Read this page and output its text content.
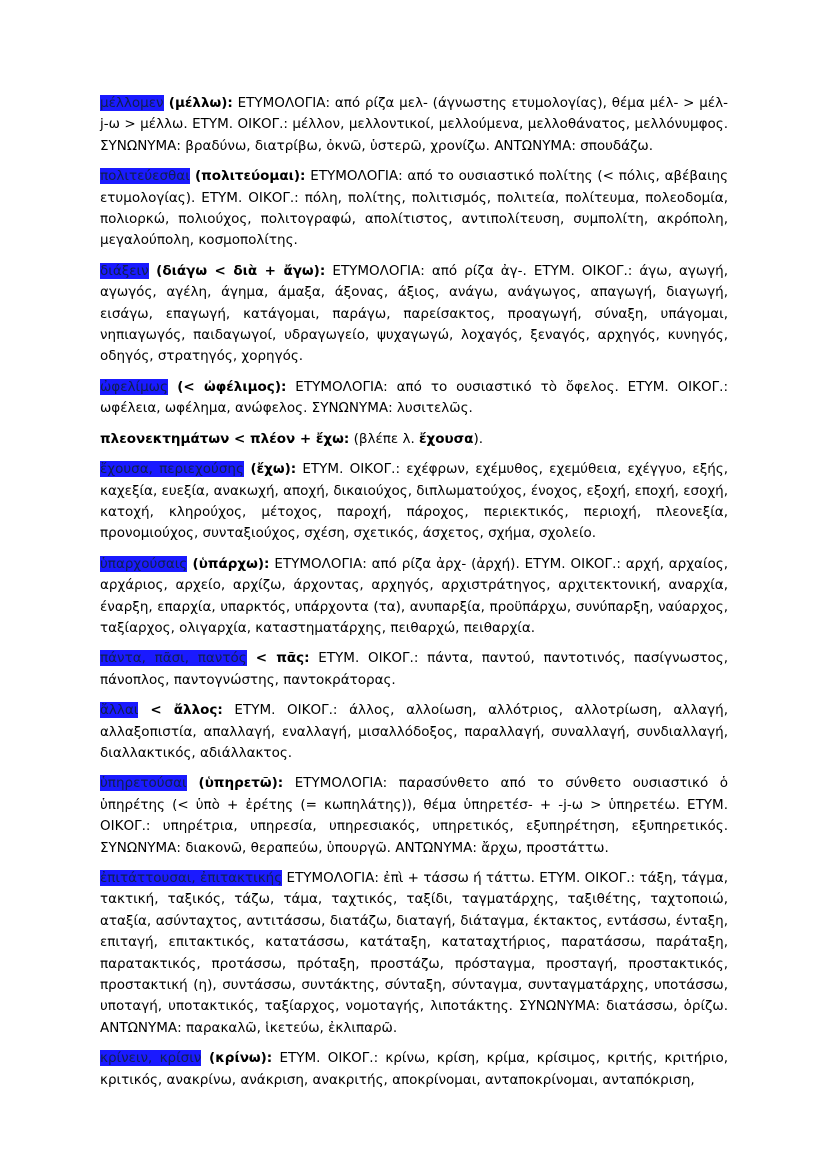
μέλλομεν (μέλλω): ΕΤΥΜΟΛΟΓΙΑ: από ρίζα μελ- (άγνωστης ετυμολογίας), θέμα μέλ- > μέλ-j-ω > μέλλω. ΕΤΥΜ. ΟΙΚΟΓ.: μέλλον, μελλοντικοί, μελλούμενα, μελλοθάνατος, μελλόνυμφος. ΣΥΝΩΝΥΜΑ: βραδύνω, διατρίβω, ὀκνῶ, ὑστερῶ, χρονίζω. ΑΝΤΩΝΥΜΑ: σπουδάζω.

πολιτεύεσθαι (πολιτεύομαι): ΕΤΥΜΟΛΟΓΙΑ: από το ουσιαστικό πολίτης (< πόλις, αβέβαιης ετυμολογίας). ΕΤΥΜ. ΟΙΚΟΓ.: πόλη, πολίτης, πολιτισμός, πολιτεία, πολίτευμα, πολεοδομία, πολιορκώ, πολιούχος, πολιτογραφώ, απολίτιστος, αντιπολίτευση, συμπολίτη, ακρόπολη, μεγαλούπολη, κοσμοπολίτης.

διάξειν (διάγω < διὰ + ἄγω): ΕΤΥΜΟΛΟΓΙΑ: από ρίζα ἀγ-. ΕΤΥΜ. ΟΙΚΟΓ.: άγω, αγωγή, αγωγός, αγέλη, άγημα, άμαξα, άξονας, άξιος, ανάγω, ανάγωγος, απαγωγή, διαγωγή, εισάγω, επαγωγή, κατάγομαι, παράγω, παρείσακτος, προαγωγή, σύναξη, υπάγομαι, νηπιαγωγός, παιδαγωγοί, υδραγωγείο, ψυχαγωγώ, λοχαγός, ξεναγός, αρχηγός, κυνηγός, οδηγός, στρατηγός, χορηγός.

ὠφελίμως (< ὠφέλιμος): ΕΤΥΜΟΛΟΓΙΑ: από το ουσιαστικό τὸ ὄφελος. ΕΤΥΜ. ΟΙΚΟΓ.: ωφέλεια, ωφέλημα, ανώφελος. ΣΥΝΩΝΥΜΑ: λυσιτελῶς.

πλεονεκτημάτων < πλέον + ἔχω: (βλέπε λ. ἔχουσα).

ἔχουσα, περιεχούσης (ἔχω): ΕΤΥΜ. ΟΙΚΟΓ.: εχέφρων, εχέμυθος, εχεμύθεια, εχέγγυο, εξής, καχεξία, ευεξία, ανακωχή, αποχή, δικαιούχος, διπλωματούχος, ένοχος, εξοχή, εποχή, εσοχή, κατοχή, κληρούχος, μέτοχος, παροχή, πάροχος, περιεκτικός, περιοχή, πλεονεξία, προνομιούχος, συνταξιούχος, σχέση, σχετικός, άσχετος, σχήμα, σχολείο.

ὑπαρχούσαις (ὑπάρχω): ΕΤΥΜΟΛΟΓΙΑ: από ρίζα ἀρχ- (ἀρχή). ΕΤΥΜ. ΟΙΚΟΓ.: αρχή, αρχαίος, αρχάριος, αρχείο, αρχίζω, άρχοντας, αρχηγός, αρχιστράτηγος, αρχιτεκτονική, αναρχία, έναρξη, επαρχία, υπαρκτός, υπάρχοντα (τα), ανυπαρξία, προϋπάρχω, συνύπαρξη, ναύαρχος, ταξίαρχος, ολιγαρχία, καταστηματάρχης, πειθαρχώ, πειθαρχία.

πάντα, πᾶσι, παντός < πᾶς: ΕΤΥΜ. ΟΙΚΟΓ.: πάντα, παντού, παντοτινός, πασίγνωστος, πάνοπλος, παντογνώστης, παντοκράτορας.

ἄλλαι < ἄλλος: ΕΤΥΜ. ΟΙΚΟΓ.: άλλος, αλλοίωση, αλλότριος, αλλοτρίωση, αλλαγή, αλλαξοπιστία, απαλλαγή, εναλλαγή, μισαλλόδοξος, παραλλαγή, συναλλαγή, συνδιαλλαγή, διαλλακτικός, αδιάλλακτος.

ὑπηρετούσαι (ὑπηρετῶ): ΕΤΥΜΟΛΟΓΙΑ: παρασύνθετο από το σύνθετο ουσιαστικό ὁ ὑπηρέτης (< ὑπὸ + ἐρέτης (= κωπηλάτης)), θέμα ὑπηρετέσ- + -j-ω > ὑπηρετέω. ΕΤΥΜ. ΟΙΚΟΓ.: υπηρέτρια, υπηρεσία, υπηρεσιακός, υπηρετικός, εξυπηρέτηση, εξυπηρετικός. ΣΥΝΩΝΥΜΑ: διακονῶ, θεραπεύω, ὑπουργῶ. ΑΝΤΩΝΥΜΑ: ἄρχω, προστάττω.

ἐπιτάττουσαι, ἐπιτακτικής ΕΤΥΜΟΛΟΓΙΑ: ἐπὶ + τάσσω ή τάττω. ΕΤΥΜ. ΟΙΚΟΓ.: τάξη, τάγμα, τακτική, ταξικός, τάζω, τάμα, ταχτικός, ταξίδι, ταγματάρχης, ταξιθέτης, ταχτοποιώ, αταξία, ασύνταχτος, αντιτάσσω, διατάζω, διαταγή, διάταγμα, έκτακτος, εντάσσω, ένταξη, επιταγή, επιτακτικός, κατατάσσω, κατάταξη, καταταχτήριος, παρατάσσω, παράταξη, παρατακτικός, προτάσσω, πρόταξη, προστάζω, πρόσταγμα, προσταγή, προστακτικός, προστακτική (η), συντάσσω, συντάκτης, σύνταξη, σύνταγμα, συνταγματάρχης, υποτάσσω, υποταγή, υποτακτικός, ταξίαρχος, νομοταγής, λιποτάκτης. ΣΥΝΩΝΥΜΑ: διατάσσω, ὁρίζω. ΑΝΤΩΝΥΜΑ: παρακαλῶ, ἱκετεύω, ἐκλιπαρῶ.

κρίνειν, κρίσιν (κρίνω): ΕΤΥΜ. ΟΙΚΟΓ.: κρίνω, κρίση, κρίμα, κρίσιμος, κριτής, κριτήριο, κριτικός, ανακρίνω, ανάκριση, ανακριτής, αποκρίνομαι, ανταποκρίνομαι, ανταπόκριση,
